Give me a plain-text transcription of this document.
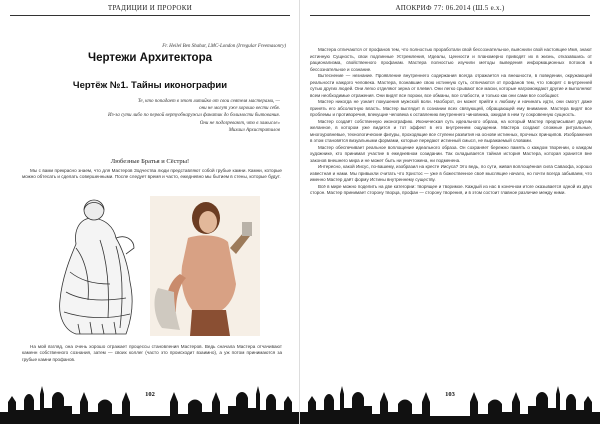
ТРАДИЦИИ И ПРОРОКИ
Fr. Heilel Ben Shahar, LMC-London (Irregular Freemasonry)
Чертежи Архитектора
Чертёж №1. Тайны иконографии
Те, кто попадает в этот литийко от свои сеятеля мастерами, —
они не могут уже хорошо вести себя.
Из-за сути либо по первой вертуобнаружил фанатик до болимости бытования.
Они не подозревают, что в замысле»
Михаил Архистратилов
Любезные Братья и Сёстры!

Мы с вами прекрасно знаем, что для Мастеров Зодчества люди представляют собой грубые камни. Камни, которые можно обтесать и сделать совершенными. После следует время и часто, ежедневно мы бытием в стены, которые будут.

На мой взгляд, она очень хорошо отражает процессы становления Мастеров. Ведь сначала Мастера отчачивают каменн собственного сознания, затем — своих коллег (часто это происходит взаимно), а уж потом принимаются за грубые камни профанов.

102
АПОКРИФ 77: 06.2014 (Ш.5 е.х.)

Мастера отличаются от профанов тем, что полностью проработали свой бессознательное, выяснили свой настоящее Имя, знают истинную Сущность, свои подлинные Устремления, Идеалы, Ценности и планомерно приводят их в жизнь, отказавшись от рационализма, свойственного профанам. Мастера полностью изучили методы выведения информационных потоков в бессознательное и сознание.

Вытеснение — незнание. Проявление внутреннего содержания всегда отражается на внешности, в поведении, окружающей реальности каждого человека. Мастера, познавшие свою истинную суть, отличаются от профанов тем, что говорят с внутренней сутью других людей. Они легко отделяют зерна от плевел. Они легко срывают все маски, которые нагромождают другие и выполняют всем необходимые отражения. Они видят все пороки, все обманы, все слабости, и только как они сами все сообщают.

Мастер никогда не узнает покушения мужской воли. Наоборот, он может прийти к любому и начинать идти, они смогут даже принять его абсолютную власть. Мастер выглядит в сознании всех связующей, обращающей ему внимание. Мастера видят все проблемы и противоречия, влекущие человека к оставлению внутреннего чиновника, ожидая в нем ту сокровенную сущность.

Мастер создаёт собственную иконографию. Иконическая суть идеального образа, на который Мастер предписывает другим желанное, в котором уже видится и тот эффект в его внутреннем ощущении. Мастера создают сложные ритуальные, многоуровневые, технологические фигуры, проходящие все ступени развития на основе истинных, прочных принципов. Изображения в этом становятся визуальными формами, которые передают истинный смысл, не выражаемый словами.

Мастер обеспечивает реальное воплощение идеального образа. Он сохраняет бережно память о каждом творении, о каждом художнике, кто принимал участие в ежедневном созидании. Так складывается тайная история Мастера, которая хранится вне законов внешнего мира и не может быть ни уничтожена, ни подменена.

Интересно, какой Иисус, по-вашему, изобразил на кресте Иисуса? Это ведь, по сути, живая воплощённая сила Саваофа, хорошо известная и нами. Мы привыкли считать что Христос — уже в божественное своё мыслящее начало, но почти всегда забываем, что именно Мастер даёт форму Истины внутреннему существу.

Всё в мире можно поделить на две категории: творящее и творимое. Каждый из нас в конечном итоге оказывается одной из двух сторон. Мастер принимает сторону творца, профан — сторону творения, и в этом состоит главное различие между ними.

103
